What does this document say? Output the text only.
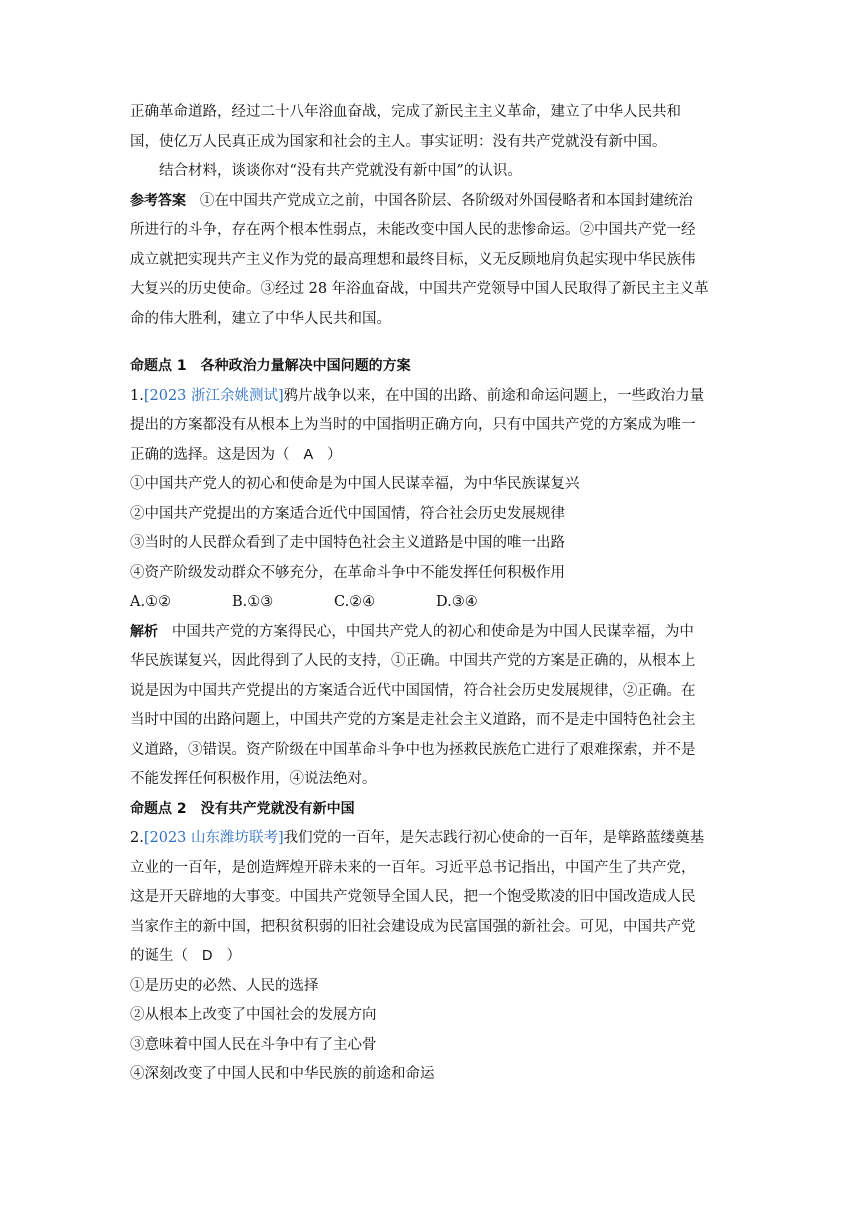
正确革命道路，经过二十八年浴血奋战，完成了新民主主义革命，建立了中华人民共和
国，使亿万人民真正成为国家和社会的主人。事实证明：没有共产党就没有新中国。
结合材料，谈谈你对“没有共产党就没有新中国”的认识。
参考答案 ①在中国共产党成立之前，中国各阶层、各阶级对外国侵略者和本国封建统治
所进行的斗争，存在两个根本性弱点，未能改变中国人民的悲惨命运。②中国共产党一经
成立就把实现共产主义作为党的最高理想和最终目标，义无反顾地肩负起实现中华民族伟
大复兴的历史使命。③经过 28 年浴血奋战，中国共产党领导中国人民取得了新民主主义革
命的伟大胜利，建立了中华人民共和国。
命题点 1　各种政治力量解决中国问题的方案
1.[2023 浙江余姚测试]鸦片战争以来，在中国的出路、前途和命运问题上，一些政治力量
提出的方案都没有从根本上为当时的中国指明正确方向，只有中国共产党的方案成为唯一
正确的选择。这是因为（ A ）
①中国共产党人的初心和使命是为中国人民谋幸福，为中华民族谋复兴
②中国共产党提出的方案适合近代中国国情，符合社会历史发展规律
③当时的人民群众看到了走中国特色社会主义道路是中国的唯一出路
④资产阶级发动群众不够充分，在革命斗争中不能发挥任何积极作用
A.①②	B.①③	C.②④	D.③④
解析 中国共产党的方案得民心，中国共产党人的初心和使命是为中国人民谋幸福，为中
华民族谋复兴，因此得到了人民的支持，①正确。中国共产党的方案是正确的，从根本上
说是因为中国共产党提出的方案适合近代中国国情，符合社会历史发展规律，②正确。在
当时中国的出路问题上，中国共产党的方案是走社会主义道路，而不是走中国特色社会主
义道路，③错误。资产阶级在中国革命斗争中也为拯救民族危亡进行了艰难探索，并不是
不能发挥任何积极作用，④说法绝对。
命题点 2　没有共产党就没有新中国
2.[2023 山东潍坊联考]我们党的一百年，是矢志践行初心使命的一百年，是筚路蓝缕奠基
立业的一百年，是创造辉煌开辟未来的一百年。习近平总书记指出，中国产生了共产党，
这是开天辟地的大事变。中国共产党领导全国人民，把一个饱受欺凌的旧中国改造成人民
当家作主的新中国，把积贫积弱的旧社会建设成为民富国强的新社会。可见，中国共产党
的诞生（ D ）
①是历史的必然、人民的选择
②从根本上改变了中国社会的发展方向
③意味着中国人民在斗争中有了主心骨
④深刻改变了中国人民和中华民族的前途和命运
